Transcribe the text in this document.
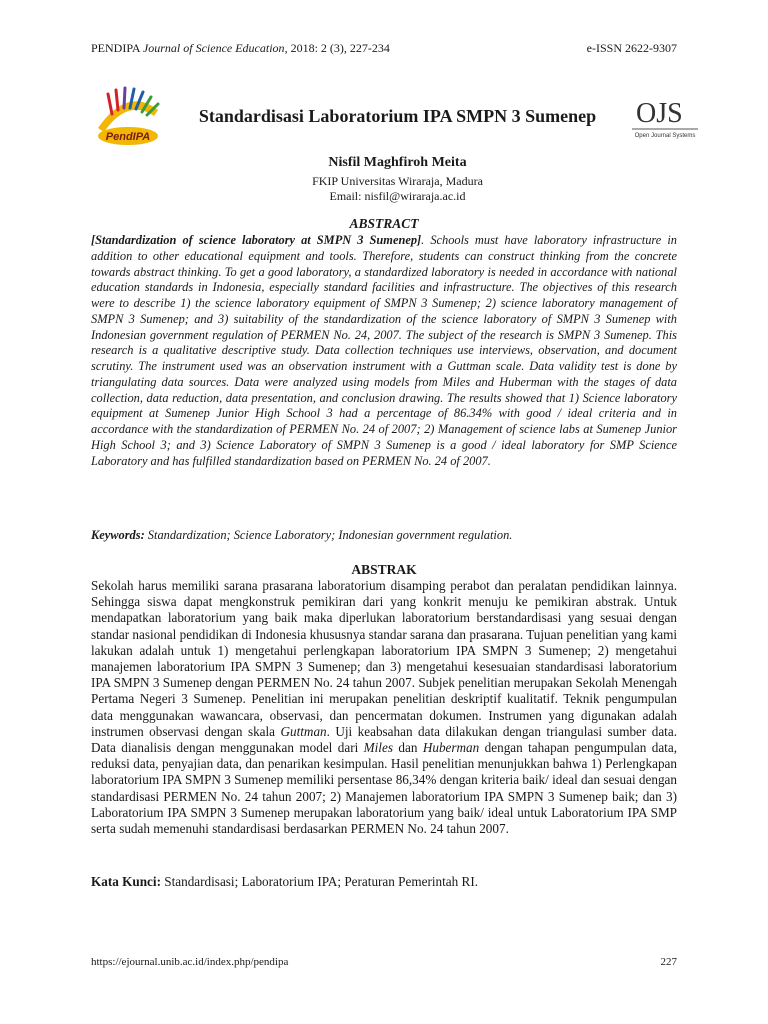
PENDIPA Journal of Science Education, 2018: 2 (3), 227-234	e-ISSN 2622-9307
PendIPA
Standardisasi Laboratorium IPA SMPN 3 Sumenep	OJS
Open Journal Systems
Nisfil Maghfiroh Meita
FKIP Universitas Wiraraja, Madura
Email: nisfil@wiraraja.ac.id
ABSTRACT
[Standardization of science laboratory at SMPN 3 Sumenep]. Schools must have laboratory infrastructure in addition to other educational equipment and tools. Therefore, students can construct thinking from the concrete towards abstract thinking. To get a good laboratory, a standardized laboratory is needed in accordance with national education standards in Indonesia, especially standard facilities and infrastructure. The objectives of this research were to describe 1) the science laboratory equipment of SMPN 3 Sumenep; 2) science laboratory management of SMPN 3 Sumenep; and 3) suitability of the standardization of the science laboratory of SMPN 3 Sumenep with Indonesian government regulation of PERMEN No. 24, 2007. The subject of the research is SMPN 3 Sumenep. This research is a qualitative descriptive study. Data collection techniques use interviews, observation, and document scrutiny. The instrument used was an observation instrument with a Guttman scale. Data validity test is done by triangulating data sources. Data were analyzed using models from Miles and Huberman with the stages of data collection, data reduction, data presentation, and conclusion drawing. The results showed that 1) Science laboratory equipment at Sumenep Junior High School 3 had a percentage of 86.34% with good / ideal criteria and in accordance with the standardization of PERMEN No. 24 of 2007; 2) Management of science labs at Sumenep Junior High School 3; and 3) Science Laboratory of SMPN 3 Sumenep is a good / ideal laboratory for SMP Science Laboratory and has fulfilled standardization based on PERMEN No. 24 of 2007.
Keywords: Standardization; Science Laboratory; Indonesian government regulation.
ABSTRAK
Sekolah harus memiliki sarana prasarana laboratorium disamping perabot dan peralatan pendidikan lainnya. Sehingga siswa dapat mengkonstruk pemikiran dari yang konkrit menuju ke pemikiran abstrak. Untuk mendapatkan laboratorium yang baik maka diperlukan laboratorium berstandardisasi yang sesuai dengan standar nasional pendidikan di Indonesia khususnya standar sarana dan prasarana. Tujuan penelitian yang kami lakukan adalah untuk 1) mengetahui perlengkapan laboratorium IPA SMPN 3 Sumenep; 2) mengetahui manajemen laboratorium IPA SMPN 3 Sumenep; dan 3) mengetahui kesesuaian standardisasi laboratorium IPA SMPN 3 Sumenep dengan PERMEN No. 24 tahun 2007. Subjek penelitian merupakan Sekolah Menengah Pertama Negeri 3 Sumenep. Penelitian ini merupakan penelitian deskriptif kualitatif. Teknik pengumpulan data menggunakan wawancara, observasi, dan pencermatan dokumen. Instrumen yang digunakan adalah instrumen observasi dengan skala Guttman. Uji keabsahan data dilakukan dengan triangulasi sumber data. Data dianalisis dengan menggunakan model dari Miles dan Huberman dengan tahapan pengumpulan data, reduksi data, penyajian data, dan penarikan kesimpulan. Hasil penelitian menunjukkan bahwa 1) Perlengkapan laboratorium IPA SMPN 3 Sumenep memiliki persentase 86,34% dengan kriteria baik/ ideal dan sesuai dengan standardisasi PERMEN No. 24 tahun 2007; 2) Manajemen laboratorium IPA SMPN 3 Sumenep baik; dan 3) Laboratorium IPA SMPN 3 Sumenep merupakan laboratorium yang baik/ ideal untuk Laboratorium IPA SMP serta sudah memenuhi standardisasi berdasarkan PERMEN No. 24 tahun 2007.
Kata Kunci: Standardisasi; Laboratorium IPA; Peraturan Pemerintah RI.
https://ejournal.unib.ac.id/index.php/pendipa	227
